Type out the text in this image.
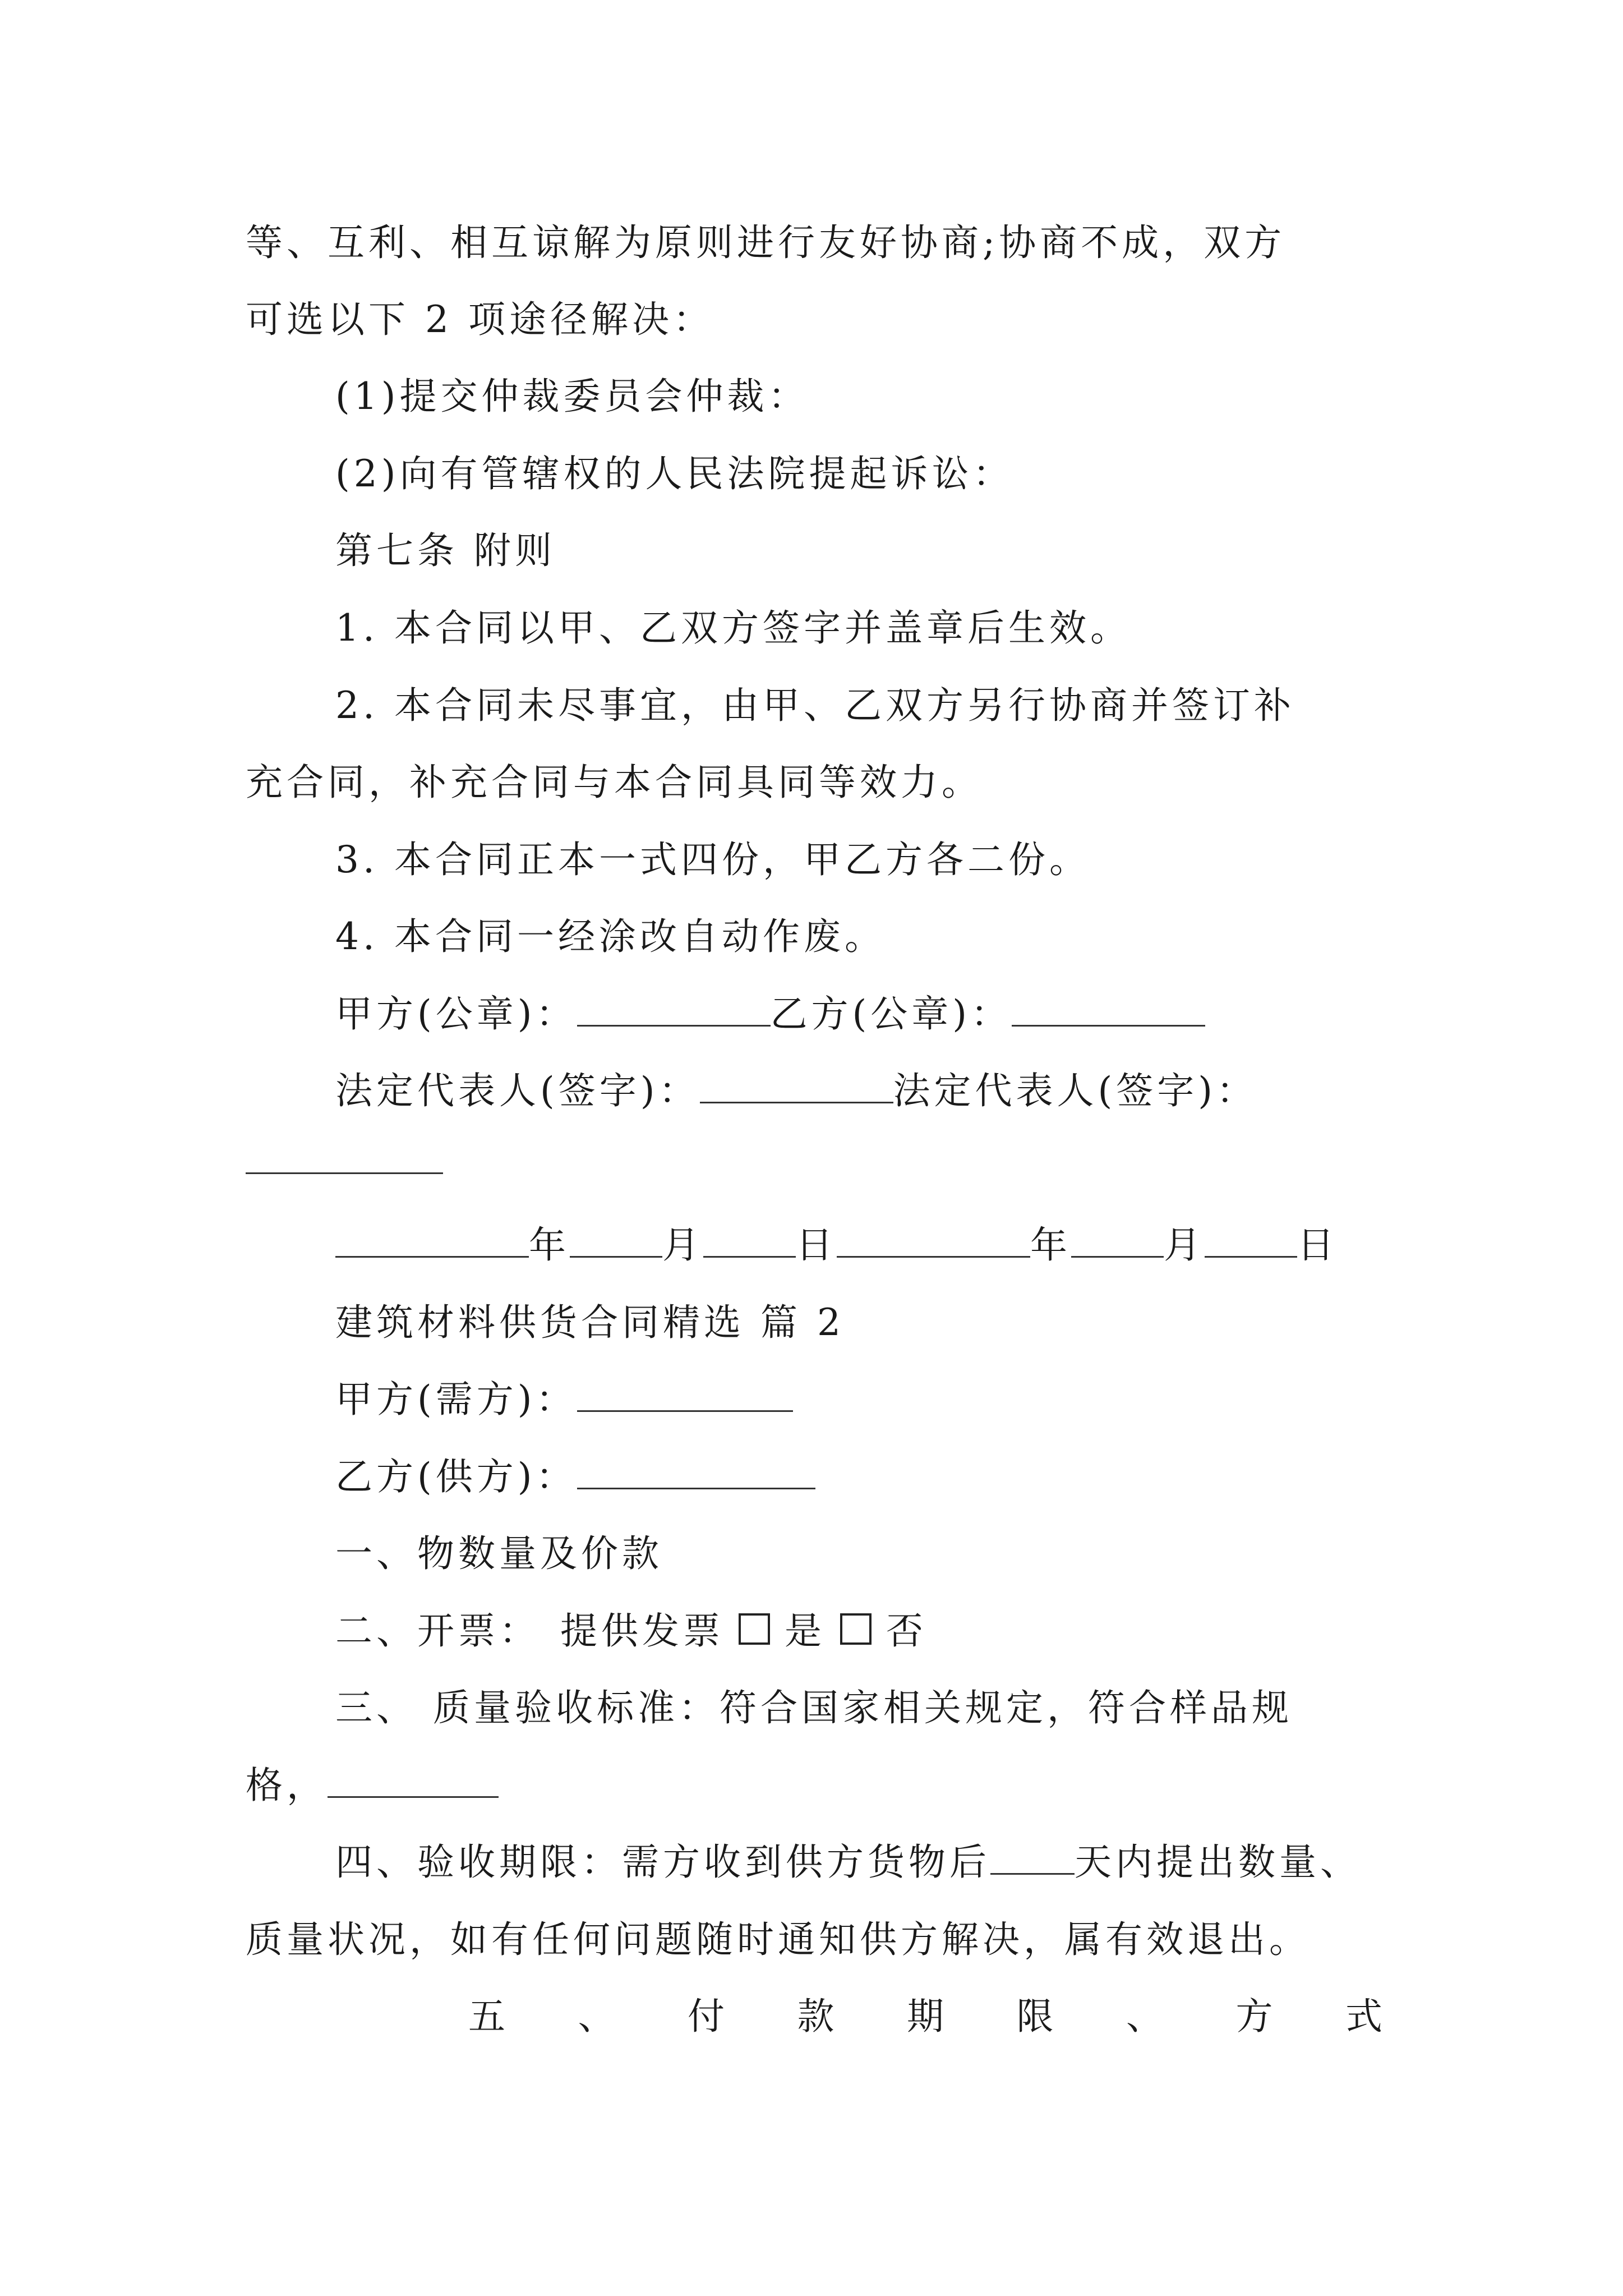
等、互利、相互谅解为原则进行友好协商;协商不成，双方
可选以下 2 项途径解决：
(1)提交仲裁委员会仲裁：
(2)向有管辖权的人民法院提起诉讼：
第七条 附则
1. 本合同以甲、乙双方签字并盖章后生效。
2. 本合同未尽事宜，由甲、乙双方另行协商并签订补
充合同，补充合同与本合同具同等效力。
3. 本合同正本一式四份，甲乙方各二份。
4. 本合同一经涂改自动作废。
甲方(公章)：	乙方(公章)：
法定代表人(签字)：	法定代表人(签字)：
年	月	日	年	月	日
建筑材料供货合同精选 篇 2
甲方(需方)：
乙方(供方)：
一、物数量及价款
二、开票： 提供发票 是 否
三、 质量验收标准：符合国家相关规定，符合样品规
格，
四、验收期限：需方收到供方货物后 天内提出数量、
质量状况，如有任何问题随时通知供方解决，属有效退出。
五 、 付 款 期 限 、 方 式
